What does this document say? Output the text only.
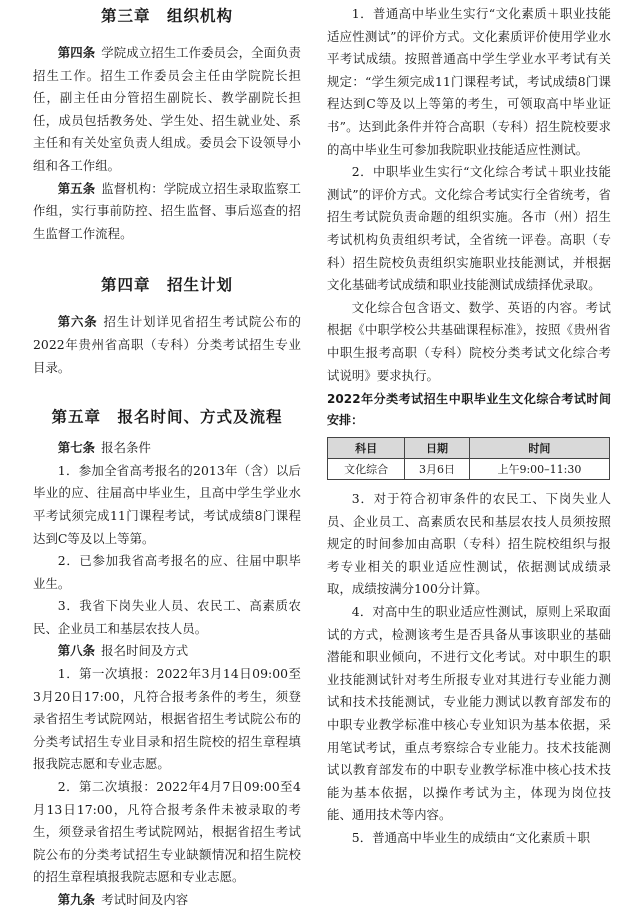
第三章　组织机构

第四条 学院成立招生工作委员会，全面负责招生工作。招生工作委员会主任由学院院长担任，副主任由分管招生副院长、教学副院长担任，成员包括教务处、学生处、招生就业处、系主任和有关处室负责人组成。委员会下设领导小组和各工作组。

第五条 监督机构：学院成立招生录取监察工作组，实行事前防控、招生监督、事后巡查的招生监督工作流程。

第四章　招生计划

第六条 招生计划详见省招生考试院公布的2022年贵州省高职（专科）分类考试招生专业目录。

第五章　报名时间、方式及流程

第七条 报名条件

1．参加全省高考报名的2013年（含）以后毕业的应、往届高中毕业生，且高中学生学业水平考试须完成11门课程考试，考试成绩8门课程达到C等及以上等第。

2．已参加我省高考报名的应、往届中职毕业生。

3．我省下岗失业人员、农民工、高素质农民、企业员工和基层农技人员。

第八条 报名时间及方式

1．第一次填报：2022年3月14日09:00至3月20日17:00，凡符合报考条件的考生，须登录省招生考试院网站，根据省招生考试院公布的分类考试招生专业目录和招生院校的招生章程填报我院志愿和专业志愿。

2．第二次填报：2022年4月7日09:00至4月13日17:00，凡符合报考条件未被录取的考生，须登录省招生考试院网站，根据省招生考试院公布的分类考试招生专业缺额情况和招生院校的招生章程填报我院志愿和专业志愿。

第九条 考试时间及内容

1．普通高中毕业生实行“文化素质＋职业技能适应性测试”的评价方式。文化素质评价使用学业水平考试成绩。按照普通高中学生学业水平考试有关规定：“学生须完成11门课程考试，考试成绩8门课程达到C等及以上等第的考生，可领取高中毕业证书”。达到此条件并符合高职（专科）招生院校要求的高中毕业生可参加我院职业技能适应性测试。

2．中职毕业生实行“文化综合考试＋职业技能测试”的评价方式。文化综合考试实行全省统考，省招生考试院负责命题的组织实施。各市（州）招生考试机构负责组织考试，全省统一评卷。高职（专科）招生院校负责组织实施职业技能测试，并根据文化基础考试成绩和职业技能测试成绩择优录取。

文化综合包含语文、数学、英语的内容。考试根据《中职学校公共基础课程标准》，按照《贵州省中职生报考高职（专科）院校分类考试文化综合考试说明》要求执行。

2022年分类考试招生中职毕业生文化综合考试时间安排：

科目	日期	时间
文化综合	3月6日	上午9:00–11:30

3．对于符合初审条件的农民工、下岗失业人员、企业员工、高素质农民和基层农技人员须按照规定的时间参加由高职（专科）招生院校组织与报考专业相关的职业适应性测试，依据测试成绩录取，成绩按满分100分计算。

4．对高中生的职业适应性测试，原则上采取面试的方式，检测该考生是否具备从事该职业的基础潜能和职业倾向，不进行文化考试。对中职生的职业技能测试针对考生所报专业对其进行专业能力测试和技术技能测试，专业能力测试以教育部发布的中职专业教学标准中核心专业知识为基本依据，采用笔试考试，重点考察综合专业能力。技术技能测试以教育部发布的中职专业教学标准中核心技术技能为基本依据，以操作考试为主，体现为岗位技能、通用技术等内容。

5．普通高中毕业生的成绩由“文化素质＋职
